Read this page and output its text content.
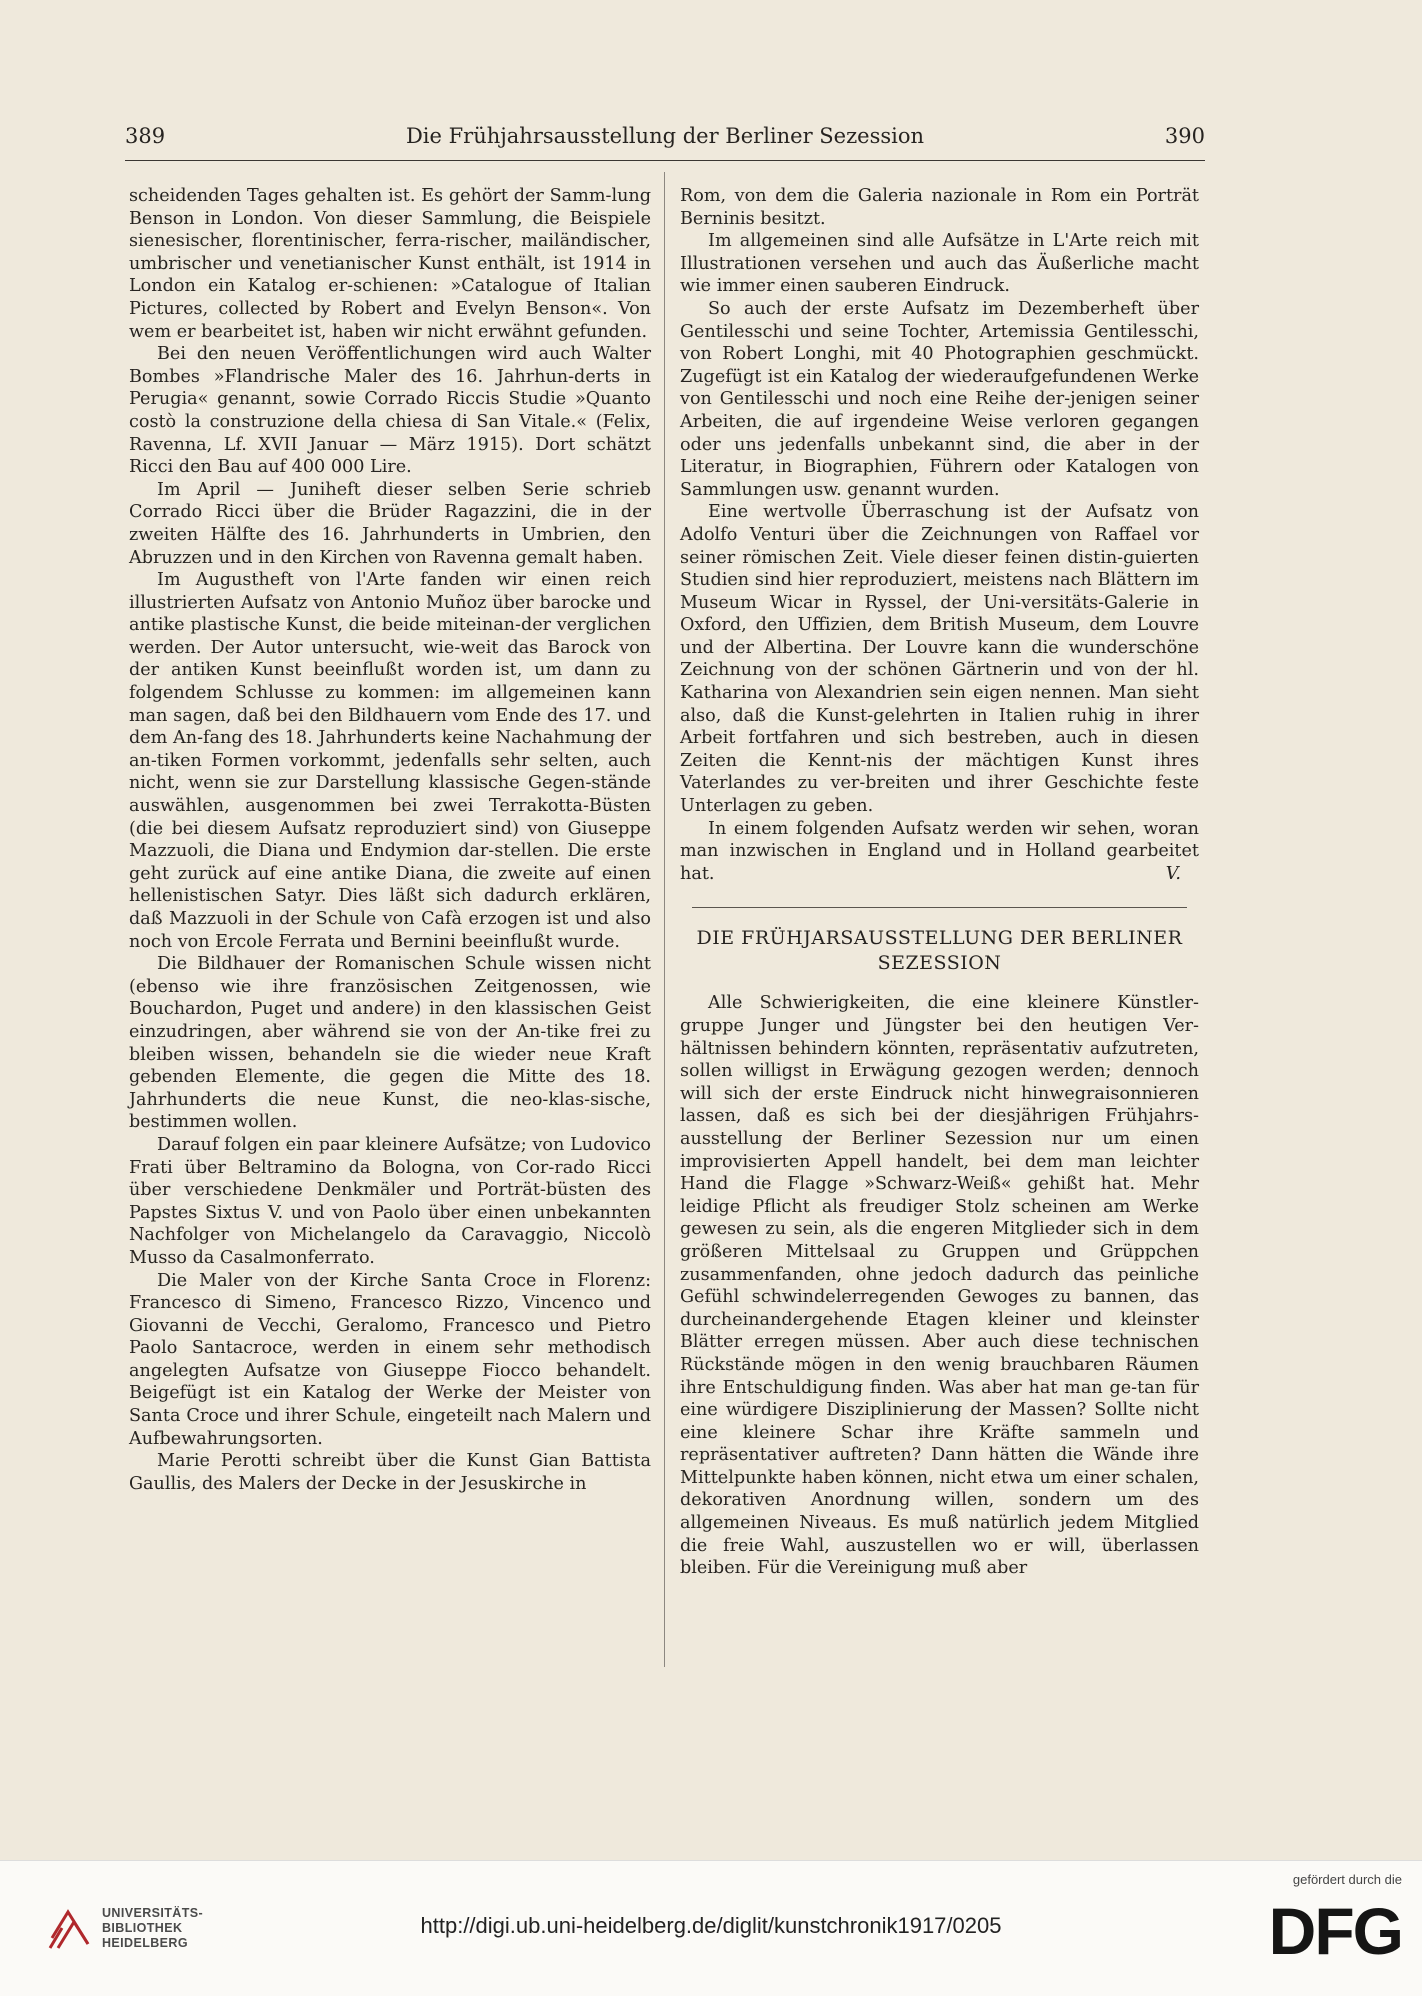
389	Die Frühjahrsausstellung der Berliner Sezession	390

scheidenden Tages gehalten ist. Es gehört der Samm-lung Benson in London. Von dieser Sammlung, die Beispiele sienesischer, florentinischer, ferra-rischer, mailändischer, umbrischer und venetianischer Kunst enthält, ist 1914 in London ein Katalog er-schienen: »Catalogue of Italian Pictures, collected by Robert and Evelyn Benson«. Von wem er bearbeitet ist, haben wir nicht erwähnt gefunden.

Bei den neuen Veröffentlichungen wird auch Walter Bombes »Flandrische Maler des 16. Jahrhun-derts in Perugia« genannt, sowie Corrado Riccis Studie »Quanto costò la construzione della chiesa di San Vitale.« (Felix, Ravenna, Lf. XVII Januar — März 1915). Dort schätzt Ricci den Bau auf 400 000 Lire.

Im April — Juniheft dieser selben Serie schrieb Corrado Ricci über die Brüder Ragazzini, die in der zweiten Hälfte des 16. Jahrhunderts in Umbrien, den Abruzzen und in den Kirchen von Ravenna gemalt haben.

Im Augustheft von l'Arte fanden wir einen reich illustrierten Aufsatz von Antonio Muñoz über barocke und antike plastische Kunst, die beide miteinan-der verglichen werden. Der Autor untersucht, wie-weit das Barock von der antiken Kunst beeinflußt worden ist, um dann zu folgendem Schlusse zu kommen: im allgemeinen kann man sagen, daß bei den Bildhauern vom Ende des 17. und dem An-fang des 18. Jahrhunderts keine Nachahmung der an-tiken Formen vorkommt, jedenfalls sehr selten, auch nicht, wenn sie zur Darstellung klassische Gegen-stände auswählen, ausgenommen bei zwei Terrakotta-Büsten (die bei diesem Aufsatz reproduziert sind) von Giuseppe Mazzuoli, die Diana und Endymion dar-stellen. Die erste geht zurück auf eine antike Diana, die zweite auf einen hellenistischen Satyr. Dies läßt sich dadurch erklären, daß Mazzuoli in der Schule von Cafà erzogen ist und also noch von Ercole Ferrata und Bernini beeinflußt wurde.

Die Bildhauer der Romanischen Schule wissen nicht (ebenso wie ihre französischen Zeitgenossen, wie Bouchardon, Puget und andere) in den klassischen Geist einzudringen, aber während sie von der An-tike frei zu bleiben wissen, behandeln sie die wieder neue Kraft gebenden Elemente, die gegen die Mitte des 18. Jahrhunderts die neue Kunst, die neo-klas-sische, bestimmen wollen.

Darauf folgen ein paar kleinere Aufsätze; von Ludovico Frati über Beltramino da Bologna, von Cor-rado Ricci über verschiedene Denkmäler und Porträt-büsten des Papstes Sixtus V. und von Paolo über einen unbekannten Nachfolger von Michelangelo da Caravaggio, Niccolò Musso da Casalmonferrato.

Die Maler von der Kirche Santa Croce in Florenz: Francesco di Simeno, Francesco Rizzo, Vincenco und Giovanni de Vecchi, Geralomo, Francesco und Pietro Paolo Santacroce, werden in einem sehr methodisch angelegten Aufsatze von Giuseppe Fiocco behandelt. Beigefügt ist ein Katalog der Werke der Meister von Santa Croce und ihrer Schule, eingeteilt nach Malern und Aufbewahrungsorten.

Marie Perotti schreibt über die Kunst Gian Battista Gaullis, des Malers der Decke in der Jesuskirche in

Rom, von dem die Galeria nazionale in Rom ein Porträt Berninis besitzt.

Im allgemeinen sind alle Aufsätze in L'Arte reich mit Illustrationen versehen und auch das Äußerliche macht wie immer einen sauberen Eindruck.

So auch der erste Aufsatz im Dezemberheft über Gentilesschi und seine Tochter, Artemissia Gentilesschi, von Robert Longhi, mit 40 Photographien geschmückt. Zugefügt ist ein Katalog der wiederaufgefundenen Werke von Gentilesschi und noch eine Reihe der-jenigen seiner Arbeiten, die auf irgendeine Weise verloren gegangen oder uns jedenfalls unbekannt sind, die aber in der Literatur, in Biographien, Führern oder Katalogen von Sammlungen usw. genannt wurden.

Eine wertvolle Überraschung ist der Aufsatz von Adolfo Venturi über die Zeichnungen von Raffael vor seiner römischen Zeit. Viele dieser feinen distin-guierten Studien sind hier reproduziert, meistens nach Blättern im Museum Wicar in Ryssel, der Uni-versitäts-Galerie in Oxford, den Uffizien, dem British Museum, dem Louvre und der Albertina. Der Louvre kann die wunderschöne Zeichnung von der schönen Gärtnerin und von der hl. Katharina von Alexandrien sein eigen nennen. Man sieht also, daß die Kunst-gelehrten in Italien ruhig in ihrer Arbeit fortfahren und sich bestreben, auch in diesen Zeiten die Kennt-nis der mächtigen Kunst ihres Vaterlandes zu ver-breiten und ihrer Geschichte feste Unterlagen zu geben.

In einem folgenden Aufsatz werden wir sehen, woran man inzwischen in England und in Holland gearbeitet hat.	V.

DIE FRÜHJARSAUSSTELLUNG DER BERLINER
SEZESSION

Alle Schwierigkeiten, die eine kleinere Künstler-gruppe Junger und Jüngster bei den heutigen Ver-hältnissen behindern könnten, repräsentativ aufzutreten, sollen willigst in Erwägung gezogen werden; dennoch will sich der erste Eindruck nicht hinwegraisonnieren lassen, daß es sich bei der diesjährigen Frühjahrs-ausstellung der Berliner Sezession nur um einen improvisierten Appell handelt, bei dem man leichter Hand die Flagge »Schwarz-Weiß« gehißt hat. Mehr leidige Pflicht als freudiger Stolz scheinen am Werke gewesen zu sein, als die engeren Mitglieder sich in dem größeren Mittelsaal zu Gruppen und Grüppchen zusammenfanden, ohne jedoch dadurch das peinliche Gefühl schwindelerregenden Gewoges zu bannen, das durcheinandergehende Etagen kleiner und kleinster Blätter erregen müssen. Aber auch diese technischen Rückstände mögen in den wenig brauchbaren Räumen ihre Entschuldigung finden. Was aber hat man ge-tan für eine würdigere Disziplinierung der Massen? Sollte nicht eine kleinere Schar ihre Kräfte sammeln und repräsentativer auftreten? Dann hätten die Wände ihre Mittelpunkte haben können, nicht etwa um einer schalen, dekorativen Anordnung willen, sondern um des allgemeinen Niveaus. Es muß natürlich jedem Mitglied die freie Wahl, auszustellen wo er will, überlassen bleiben. Für die Vereinigung muß aber

UNIVERSITÄTS-
BIBLIOTHEK
HEIDELBERG
http://digi.ub.uni-heidelberg.de/diglit/kunstchronik1917/0205
gefördert durch die
DFG
